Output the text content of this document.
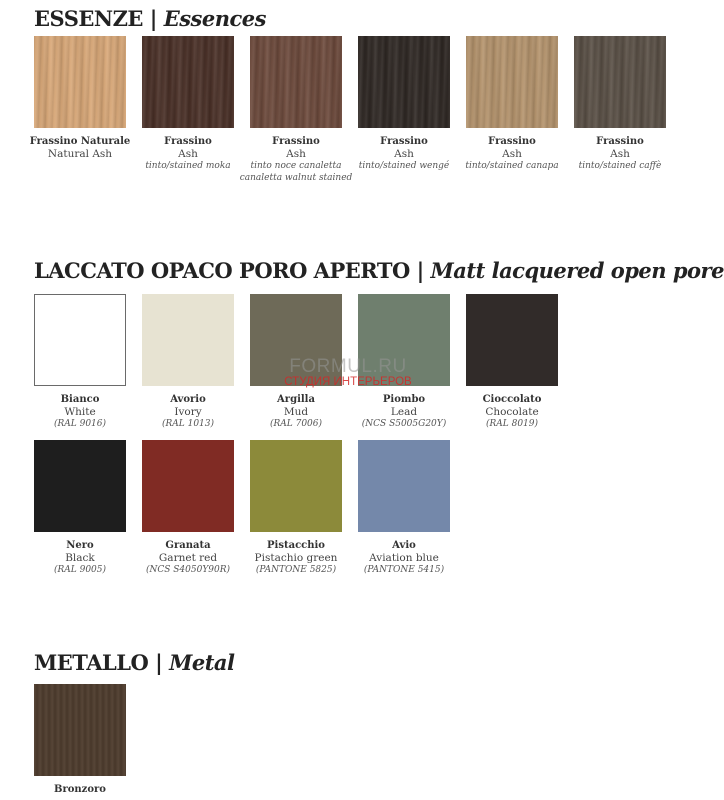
ESSENZE | Essences
LACCATO OPACO PORO APERTO | Matt lacquered open pore
METALLO | Metal
Frassino Naturale
Natural Ash
Frassino
Ash
tinto/stained moka
Frassino
Ash
tinto noce canaletta
canaletta walnut stained
Frassino
Ash
tinto/stained wengé
Frassino
Ash
tinto/stained canapa
Frassino
Ash
tinto/stained caffè
Bianco
White
(RAL 9016)
Avorio
Ivory
(RAL 1013)
Argilla
Mud
(RAL 7006)
Piombo
Lead
(NCS S5005G20Y)
Cioccolato
Chocolate
(RAL 8019)
Nero
Black
(RAL 9005)
Granata
Garnet red
(NCS S4050Y90R)
Pistacchio
Pistachio green
(PANTONE 5825)
Avio
Aviation blue
(PANTONE 5415)
FORMUL.RU
СТУДИЯ ИНТЕРЬЕРОВ
Bronzoro
